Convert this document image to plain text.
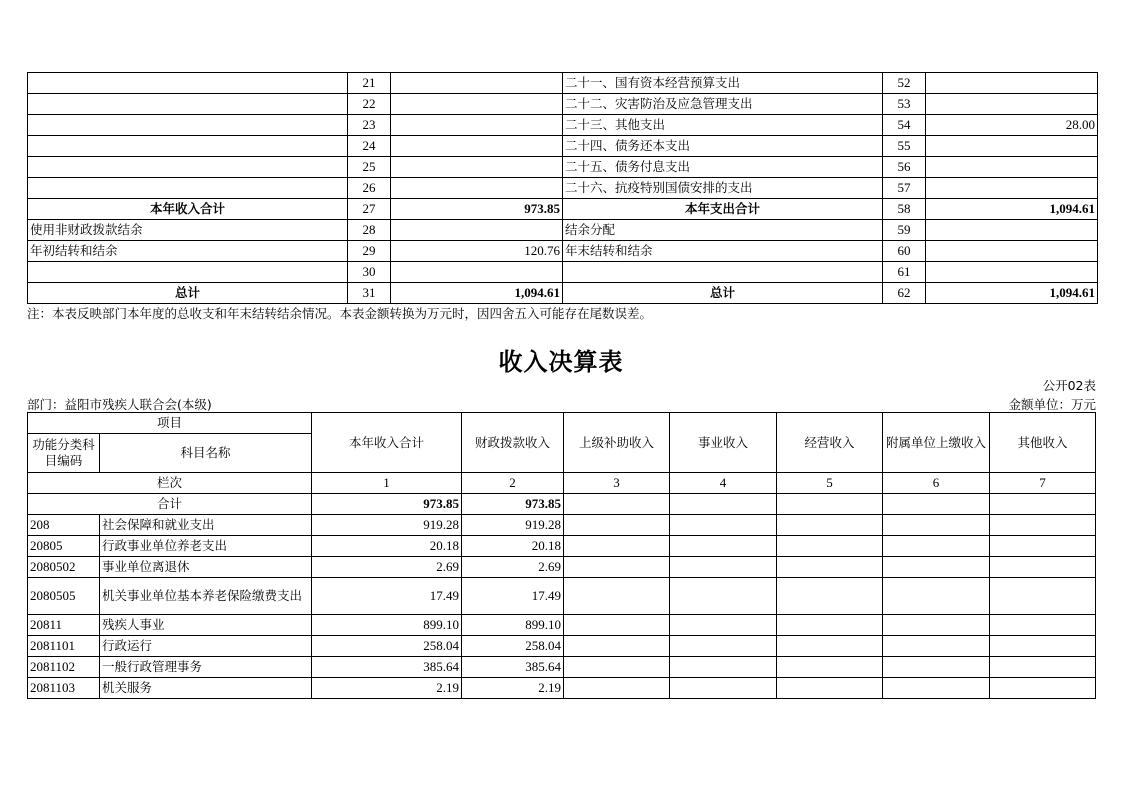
	21		二十一、国有资本经营预算支出	52	
	22		二十二、灾害防治及应急管理支出	53	
	23		二十三、其他支出	54	28.00
	24		二十四、债务还本支出	55	
	25		二十五、债务付息支出	56	
	26		二十六、抗疫特别国债安排的支出	57	
本年收入合计	27	973.85	本年支出合计	58	1,094.61
使用非财政拨款结余	28		结余分配	59	
年初结转和结余	29	120.76	年末结转和结余	60	
	30			61	
总计	31	1,094.61	总计	62	1,094.61
注：本表反映部门本年度的总收支和年末结转结余情况。本表金额转换为万元时，因四舍五入可能存在尾数误差。
收入决算表
公开02表
部门：益阳市残疾人联合会(本级)	金额单位：万元
项目		本年收入合计	财政拨款收入	上级补助收入	事业收入	经营收入	附属单位上缴收入	其他收入
功能分类科目编码	科目名称							
栏次		1	2	3	4	5	6	7
合计		973.85	973.85					
208	社会保障和就业支出	919.28	919.28					
20805	行政事业单位养老支出	20.18	20.18					
2080502	事业单位离退休	2.69	2.69					
2080505	机关事业单位基本养老保险缴费支出	17.49	17.49					
20811	残疾人事业	899.10	899.10					
2081101	行政运行	258.04	258.04					
2081102	一般行政管理事务	385.64	385.64					
2081103	机关服务	2.19	2.19					
